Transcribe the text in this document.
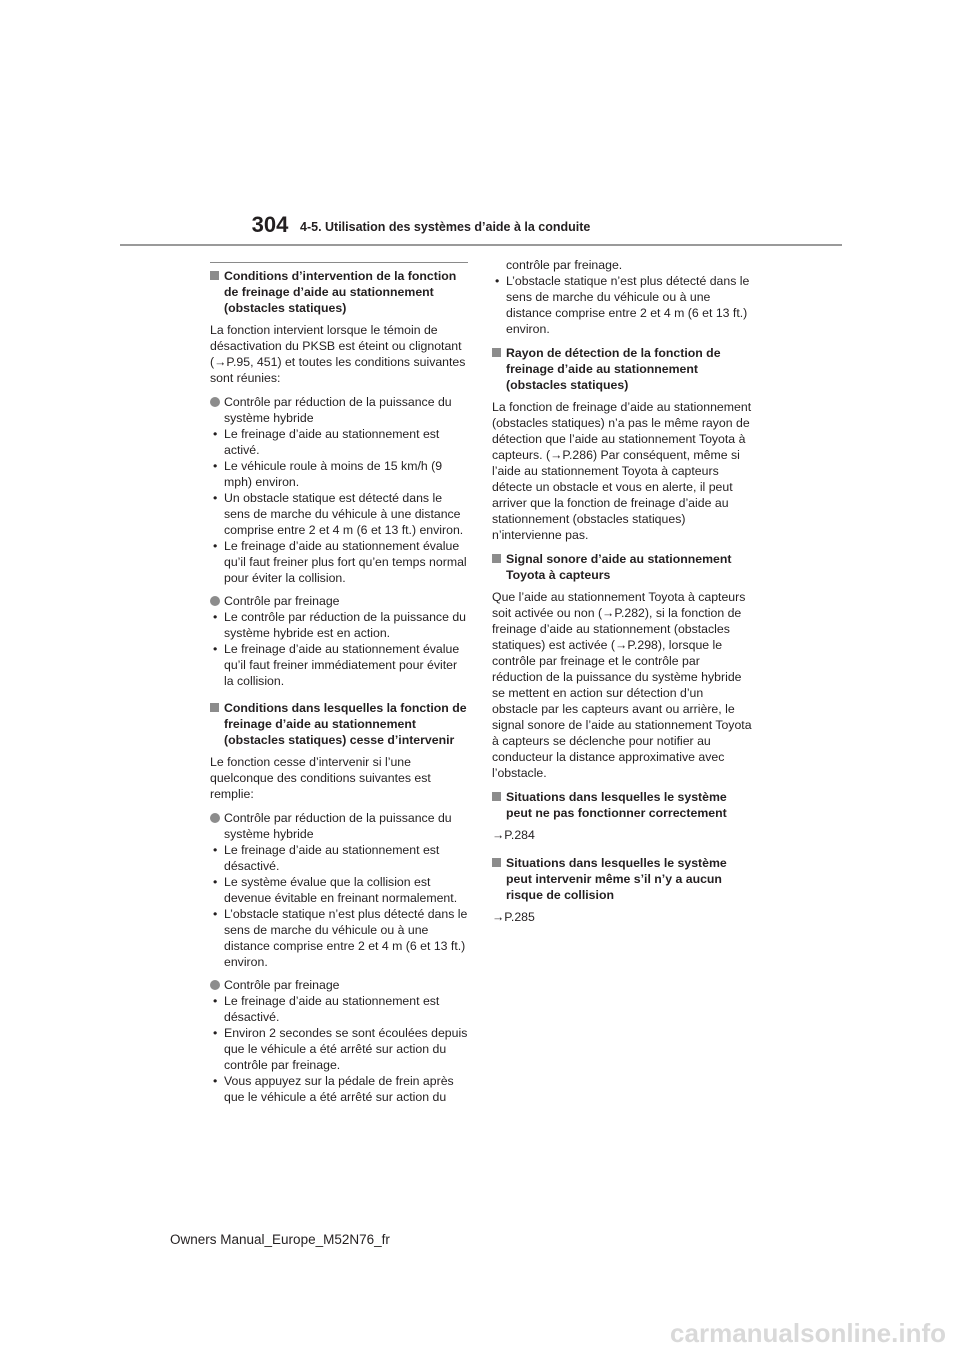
304 4-5. Utilisation des systèmes d’aide à la conduite

Conditions d’intervention de la fonction de freinage d’aide au stationnement (obstacles statiques)

La fonction intervient lorsque le témoin de désactivation du PKSB est éteint ou clignotant (→P.95, 451) et toutes les conditions suivantes sont réunies:

Contrôle par réduction de la puissance du système hybride

• Le freinage d’aide au stationnement est activé.

• Le véhicule roule à moins de 15 km/h (9 mph) environ.

• Un obstacle statique est détecté dans le sens de marche du véhicule à une distance comprise entre 2 et 4 m (6 et 13 ft.) environ.

• Le freinage d’aide au stationnement évalue qu’il faut freiner plus fort qu’en temps normal pour éviter la collision.

Contrôle par freinage

• Le contrôle par réduction de la puissance du système hybride est en action.

• Le freinage d’aide au stationnement évalue qu’il faut freiner immédiatement pour éviter la collision.

Conditions dans lesquelles la fonction de freinage d’aide au stationnement (obstacles statiques) cesse d’intervenir

Le fonction cesse d’intervenir si l’une quelconque des conditions suivantes est remplie:

Contrôle par réduction de la puissance du système hybride

• Le freinage d’aide au stationnement est désactivé.

• Le système évalue que la collision est devenue évitable en freinant normalement.

• L’obstacle statique n’est plus détecté dans le sens de marche du véhicule ou à une distance comprise entre 2 et 4 m (6 et 13 ft.) environ.

Contrôle par freinage

• Le freinage d’aide au stationnement est désactivé.

• Environ 2 secondes se sont écoulées depuis que le véhicule a été arrêté sur action du contrôle par freinage.

• Vous appuyez sur la pédale de frein après que le véhicule a été arrêté sur action du

contrôle par freinage.

• L’obstacle statique n’est plus détecté dans le sens de marche du véhicule ou à une distance comprise entre 2 et 4 m (6 et 13 ft.) environ.

Rayon de détection de la fonction de freinage d’aide au stationnement (obstacles statiques)

La fonction de freinage d’aide au stationnement (obstacles statiques) n’a pas le même rayon de détection que l’aide au stationnement Toyota à capteurs. (→P.286) Par conséquent, même si l’aide au stationnement Toyota à capteurs détecte un obstacle et vous en alerte, il peut arriver que la fonction de freinage d’aide au stationnement (obstacles statiques) n’intervienne pas.

Signal sonore d’aide au stationnement Toyota à capteurs

Que l’aide au stationnement Toyota à capteurs soit activée ou non (→P.282), si la fonction de freinage d’aide au stationnement (obstacles statiques) est activée (→P.298), lorsque le contrôle par freinage et le contrôle par réduction de la puissance du système hybride se mettent en action sur détection d’un obstacle par les capteurs avant ou arrière, le signal sonore de l’aide au stationnement Toyota à capteurs se déclenche pour notifier au conducteur la distance approximative avec l’obstacle.

Situations dans lesquelles le système peut ne pas fonctionner correctement

→P.284

Situations dans lesquelles le système peut intervenir même s’il n’y a aucun risque de collision

→P.285

Owners Manual_Europe_M52N76_fr
carmanualsonline.info
